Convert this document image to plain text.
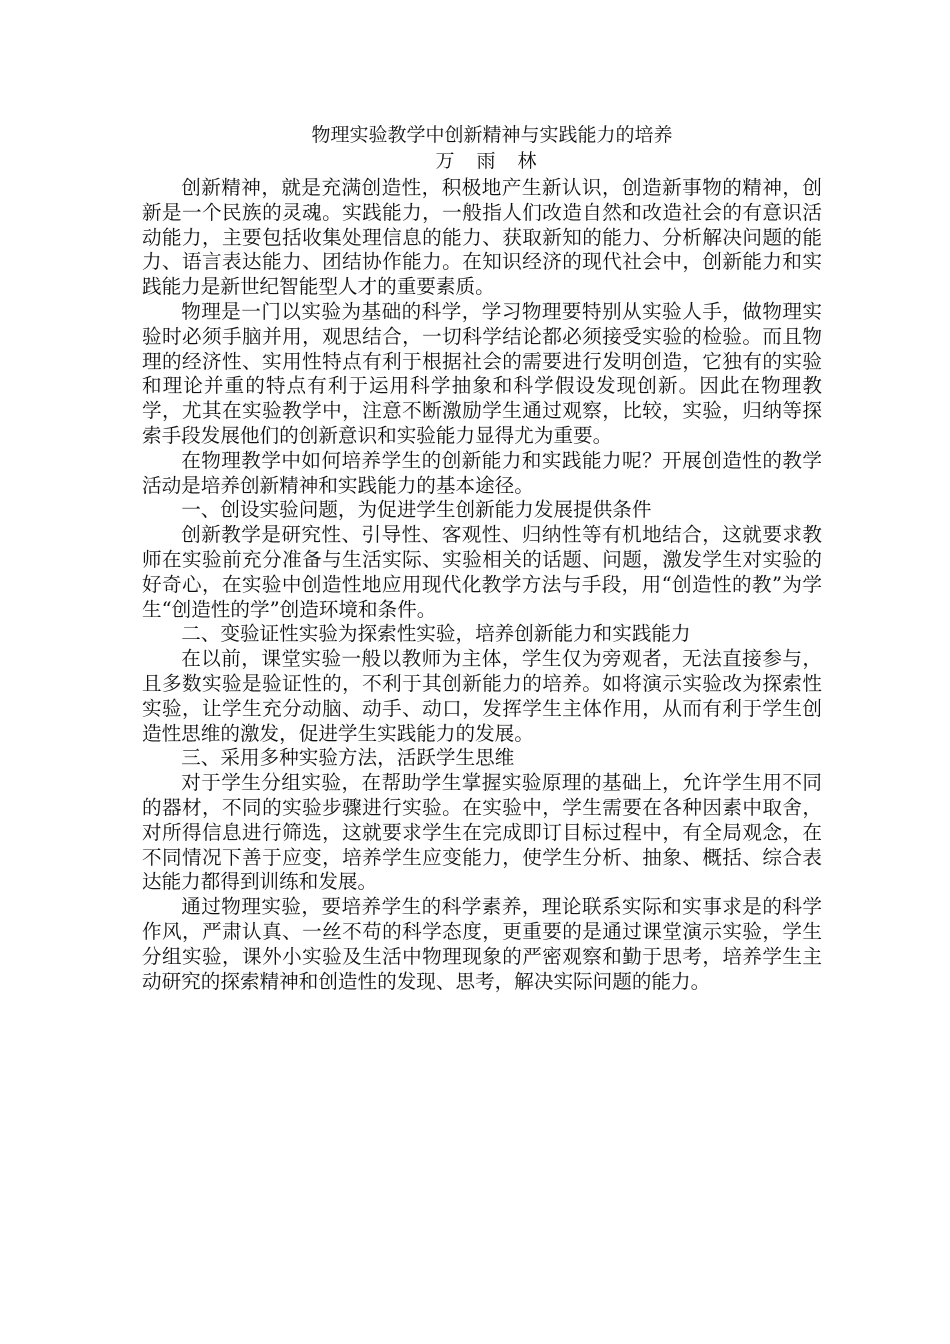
物理实验教学中创新精神与实践能力的培养

万雨林

创新精神，就是充满创造性，积极地产生新认识，创造新事物的精神，创新是一个民族的灵魂。实践能力，一般指人们改造自然和改造社会的有意识活动能力，主要包括收集处理信息的能力、获取新知的能力、分析解决问题的能力、语言表达能力、团结协作能力。在知识经济的现代社会中，创新能力和实践能力是新世纪智能型人才的重要素质。

物理是一门以实验为基础的科学，学习物理要特别从实验人手，做物理实验时必须手脑并用，观思结合，一切科学结论都必须接受实验的检验。而且物理的经济性、实用性特点有利于根据社会的需要进行发明创造，它独有的实验和理论并重的特点有利于运用科学抽象和科学假设发现创新。因此在物理教学，尤其在实验教学中，注意不断激励学生通过观察，比较，实验，归纳等探索手段发展他们的创新意识和实验能力显得尤为重要。

在物理教学中如何培养学生的创新能力和实践能力呢？开展创造性的教学活动是培养创新精神和实践能力的基本途径。

一、创设实验问题，为促进学生创新能力发展提供条件

创新教学是研究性、引导性、客观性、归纳性等有机地结合，这就要求教师在实验前充分准备与生活实际、实验相关的话题、问题，激发学生对实验的好奇心，在实验中创造性地应用现代化教学方法与手段，用“创造性的教”为学生“创造性的学”创造环境和条件。

二、变验证性实验为探索性实验，培养创新能力和实践能力

在以前，课堂实验一般以教师为主体，学生仅为旁观者，无法直接参与，且多数实验是验证性的，不利于其创新能力的培养。如将演示实验改为探索性实验，让学生充分动脑、动手、动口，发挥学生主体作用，从而有利于学生创造性思维的激发，促进学生实践能力的发展。

三、采用多种实验方法，活跃学生思维

对于学生分组实验，在帮助学生掌握实验原理的基础上，允许学生用不同的器材，不同的实验步骤进行实验。在实验中，学生需要在各种因素中取舍，对所得信息进行筛选，这就要求学生在完成即订目标过程中，有全局观念，在不同情况下善于应变，培养学生应变能力，使学生分析、抽象、概括、综合表达能力都得到训练和发展。

通过物理实验，要培养学生的科学素养，理论联系实际和实事求是的科学作风，严肃认真、一丝不苟的科学态度，更重要的是通过课堂演示实验，学生分组实验，课外小实验及生活中物理现象的严密观察和勤于思考，培养学生主动研究的探索精神和创造性的发现、思考，解决实际问题的能力。
